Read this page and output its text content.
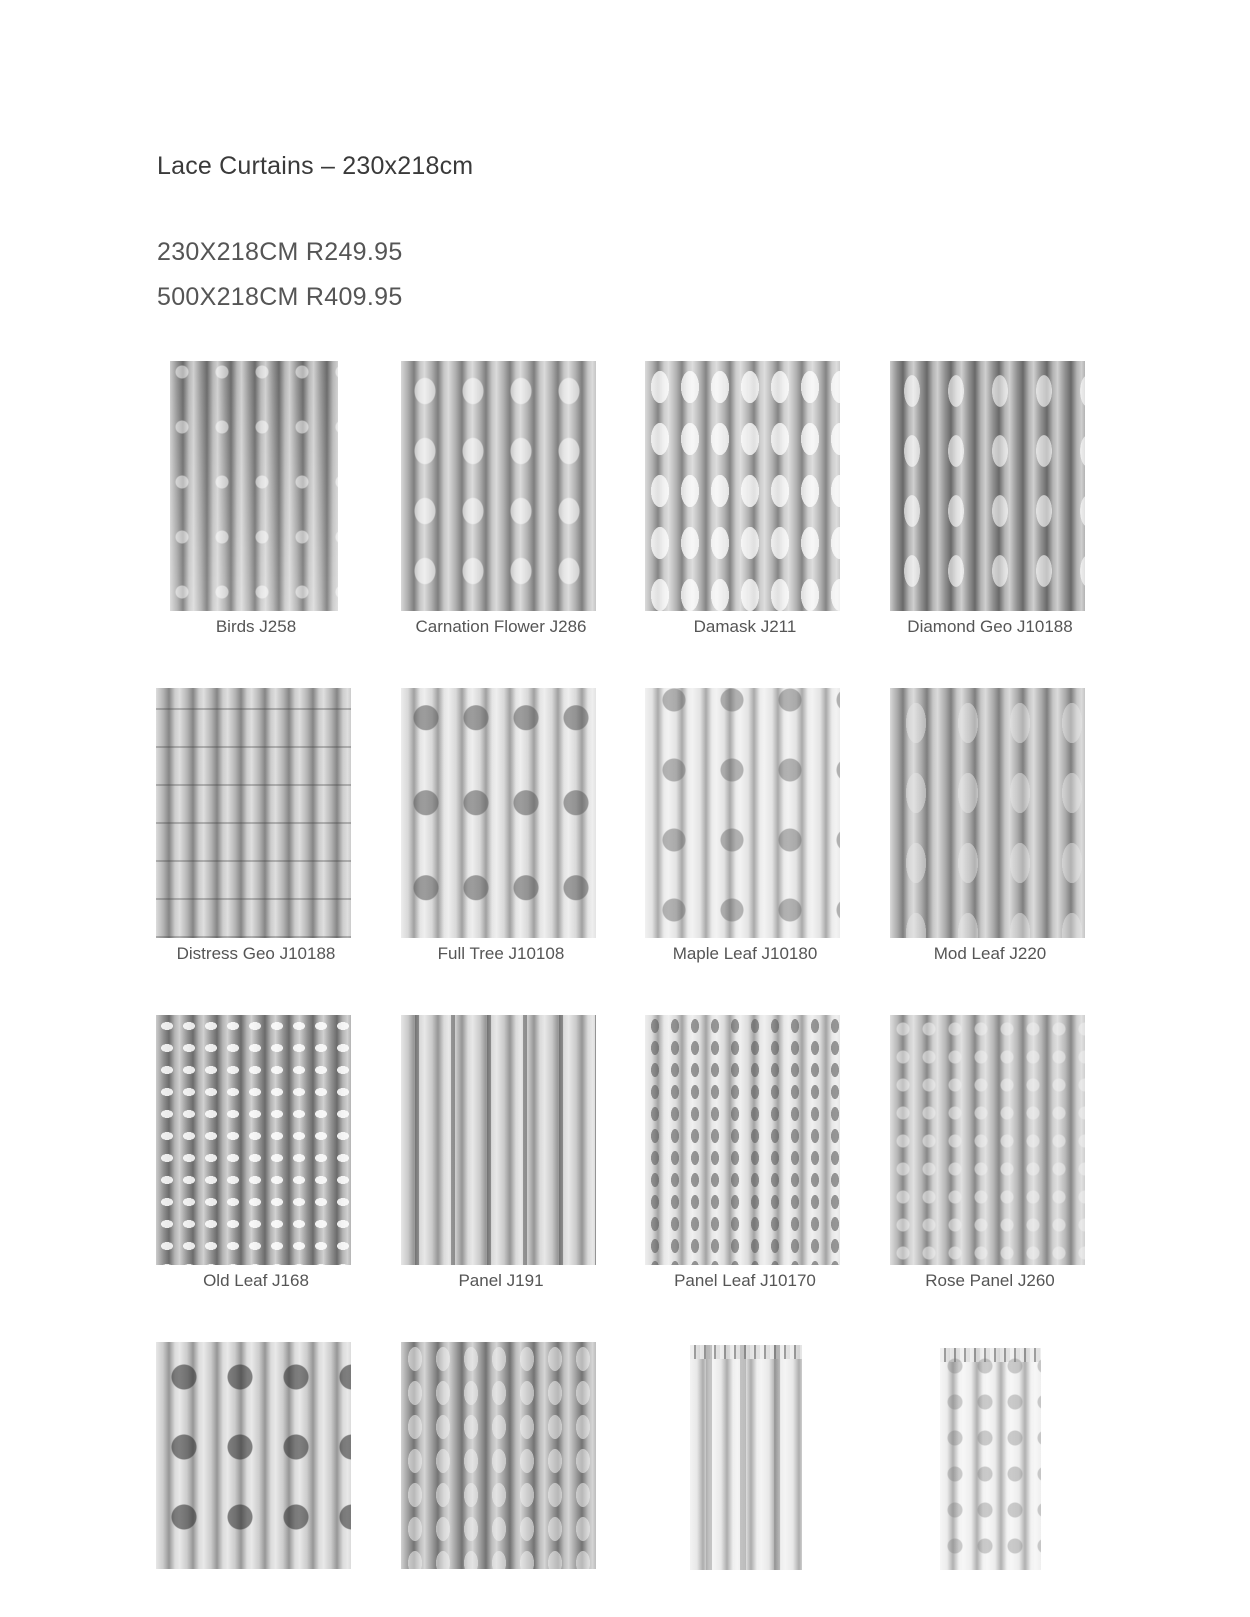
Lace Curtains – 230x218cm
230X218CM R249.95
500X218CM R409.95
Birds J258	Carnation Flower J286	Damask J211	Diamond Geo J10188
Distress Geo J10188	Full Tree J10108	Maple Leaf J10180	Mod Leaf J220
Old Leaf J168	Panel J191	Panel Leaf J10170	Rose Panel J260
